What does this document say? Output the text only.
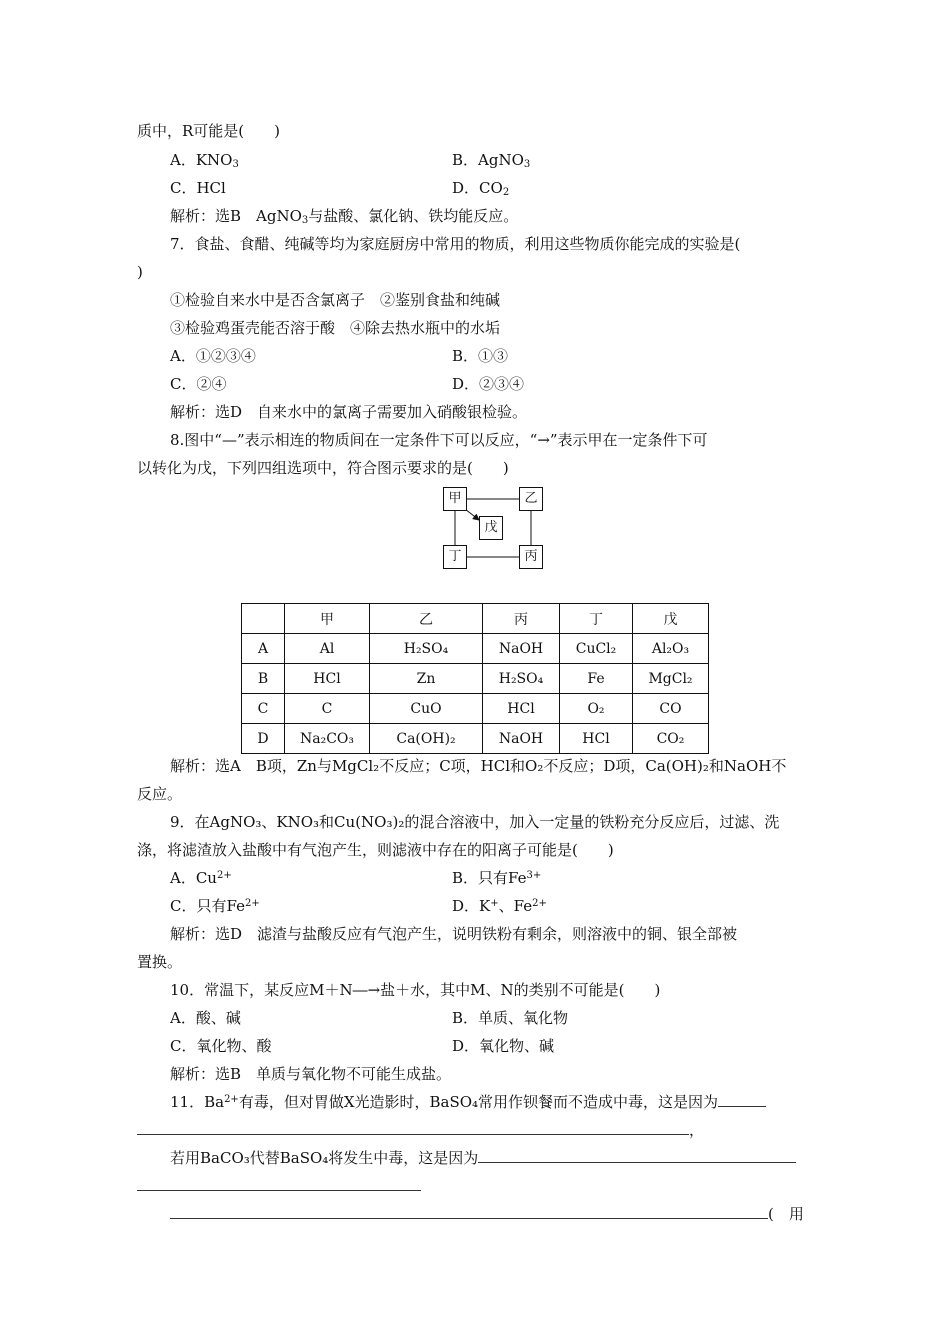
质中，R可能是(　　)
A．$KNO_3$	B．AgNO$_3$
C．HCl	D．$CO_2$
解析：选B　AgNO$_3$与盐酸、氯化钠、铁均能反应。
7．食盐、食醋、纯碱等均为家庭厨房中常用的物质，利用这些物质你能完成的实验是(
)
①检验自来水中是否含氯离子　②鉴别食盐和纯碱
③检验鸡蛋壳能否溶于酸　④除去热水瓶中的水垢
A．①②③④	B．①③
C．②④	D．②③④
解析：选D　自来水中的氯离子需要加入硝酸银检验。
8.图中“—”表示相连的物质间在一定条件下可以反应，“→”表示甲在一定条件下可
以转化为戊，下列四组选项中，符合图示要求的是(　　)
甲	乙
戊
丁	丙
	甲	乙	丙	丁	戊
A	Al	H₂SO₄	NaOH	CuCl₂	Al₂O₃
B	HCl	Zn	H₂SO₄	Fe	MgCl₂
C	C	CuO	HCl	O₂	CO
D	Na₂CO₃	Ca(OH)₂	NaOH	HCl	CO₂
解析：选A　B项，Zn与MgCl₂不反应；C项，HCl和O₂不反应；D项，Ca(OH)₂和NaOH不
反应。
9．在AgNO₃、KNO₃和Cu(NO₃)₂的混合溶液中，加入一定量的铁粉充分反应后，过滤、洗
涤，将滤渣放入盐酸中有气泡产生，则滤液中存在的阳离子可能是(　　)
A．$Cu^{2+}$	B．只有$Fe^{3+}$
C．只有$Fe^{2+}$	D．K+、$Fe^{2+}$
解析：选D　滤渣与盐酸反应有气泡产生，说明铁粉有剩余，则溶液中的铜、银全部被
置换。
10．常温下，某反应M＋N―→盐＋水，其中M、N的类别不可能是(　　)
A．酸、碱	B．单质、氧化物
C．氧化物、酸	D．氧化物、碱
解析：选B　单质与氧化物不可能生成盐。
11．$Ba^{2+}$有毒，但对胃做X光造影时，BaSO₄常用作钡餐而不造成中毒，这是因为
，
若用BaCO₃代替BaSO₄将发生中毒，这是因为
(　用
